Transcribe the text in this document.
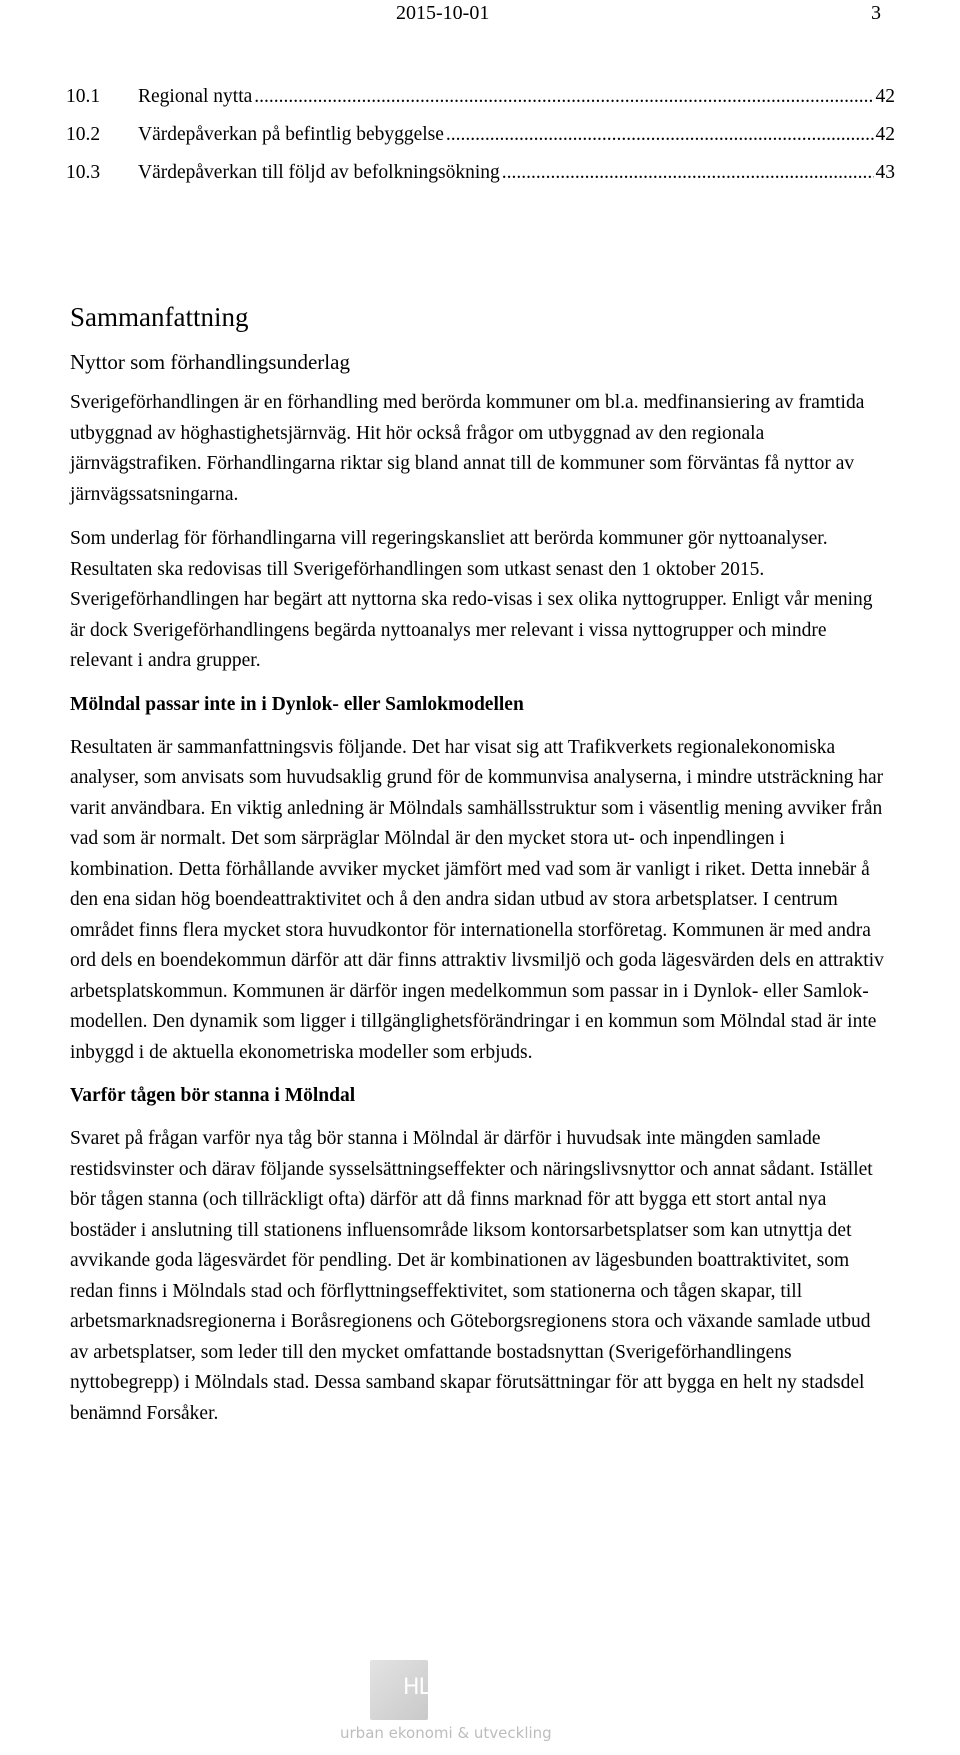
2015-10-01	3
10.1	Regional nytta .....	42
10.2	Värdepåverkan på befintlig bebyggelse .....	42
10.3	Värdepåverkan till följd av befolkningsökning .....	43
Sammanfattning
Nyttor som förhandlingsunderlag

Sverigeförhandlingen är en förhandling med berörda kommuner om bl.a. medfinansiering av framtida utbyggnad av höghastighetsjärnväg. Hit hör också frågor om utbyggnad av den regionala järnvägstrafiken. Förhandlingarna riktar sig bland annat till de kommuner som förväntas få nyttor av järnvägssatsningarna.

Som underlag för förhandlingarna vill regeringskansliet att berörda kommuner gör nyttoanalyser. Resultaten ska redovisas till Sverigeförhandlingen som utkast senast den 1 oktober 2015. Sverigeförhandlingen har begärt att nyttorna ska redo-visas i sex olika nyttogrupper. Enligt vår mening är dock Sverigeförhandlingens begärda nyttoanalys mer relevant i vissa nyttogrupper och mindre relevant i andra grupper.

Mölndal passar inte in i Dynlok- eller Samlokmodellen

Resultaten är sammanfattningsvis följande. Det har visat sig att Trafikverkets regionalekonomiska analyser, som anvisats som huvudsaklig grund för de kommunvisa analyserna, i mindre utsträckning har varit användbara. En viktig anledning är Mölndals samhällsstruktur som i väsentlig mening avviker från vad som är normalt. Det som särpräglar Mölndal är den mycket stora ut- och inpendlingen i kombination. Detta förhållande avviker mycket jämfört med vad som är vanligt i riket. Detta innebär å den ena sidan hög boendeattraktivitet och å den andra sidan utbud av stora arbetsplatser. I centrum området finns flera mycket stora huvudkontor för internationella storföretag. Kommunen är med andra ord dels en boendekommun därför att där finns attraktiv livsmiljö och goda lägesvärden dels en attraktiv arbetsplatskommun. Kommunen är därför ingen medelkommun som passar in i Dynlok- eller Samlok-modellen. Den dynamik som ligger i tillgänglighetsförändringar i en kommun som Mölndal stad är inte inbyggd i de aktuella ekonometriska modeller som erbjuds.

Varför tågen bör stanna i Mölndal

Svaret på frågan varför nya tåg bör stanna i Mölndal är därför i huvudsak inte mängden samlade restidsvinster och därav följande sysselsättningseffekter och näringslivsnyttor och annat sådant. Istället bör tågen stanna (och tillräckligt ofta) därför att då finns marknad för att bygga ett stort antal nya bostäder i anslutning till stationens influensområde liksom kontorsarbetsplatser som kan utnyttja det avvikande goda lägesvärdet för pendling. Det är kombinationen av lägesbunden boattraktivitet, som redan finns i Mölndals stad och förflyttningseffektivitet, som stationerna och tågen skapar, till arbetsmarknadsregionerna i Boråsregionens och Göteborgsregionens stora och växande samlade utbud av arbetsplatser, som leder till den mycket omfattande bostadsnyttan (Sverigeförhandlingens nyttobegrepp) i Mölndals stad. Dessa samband skapar förutsättningar för att bygga en helt ny stadsdel benämnd Forsåker.

HLM
urban ekonomi & utveckling
